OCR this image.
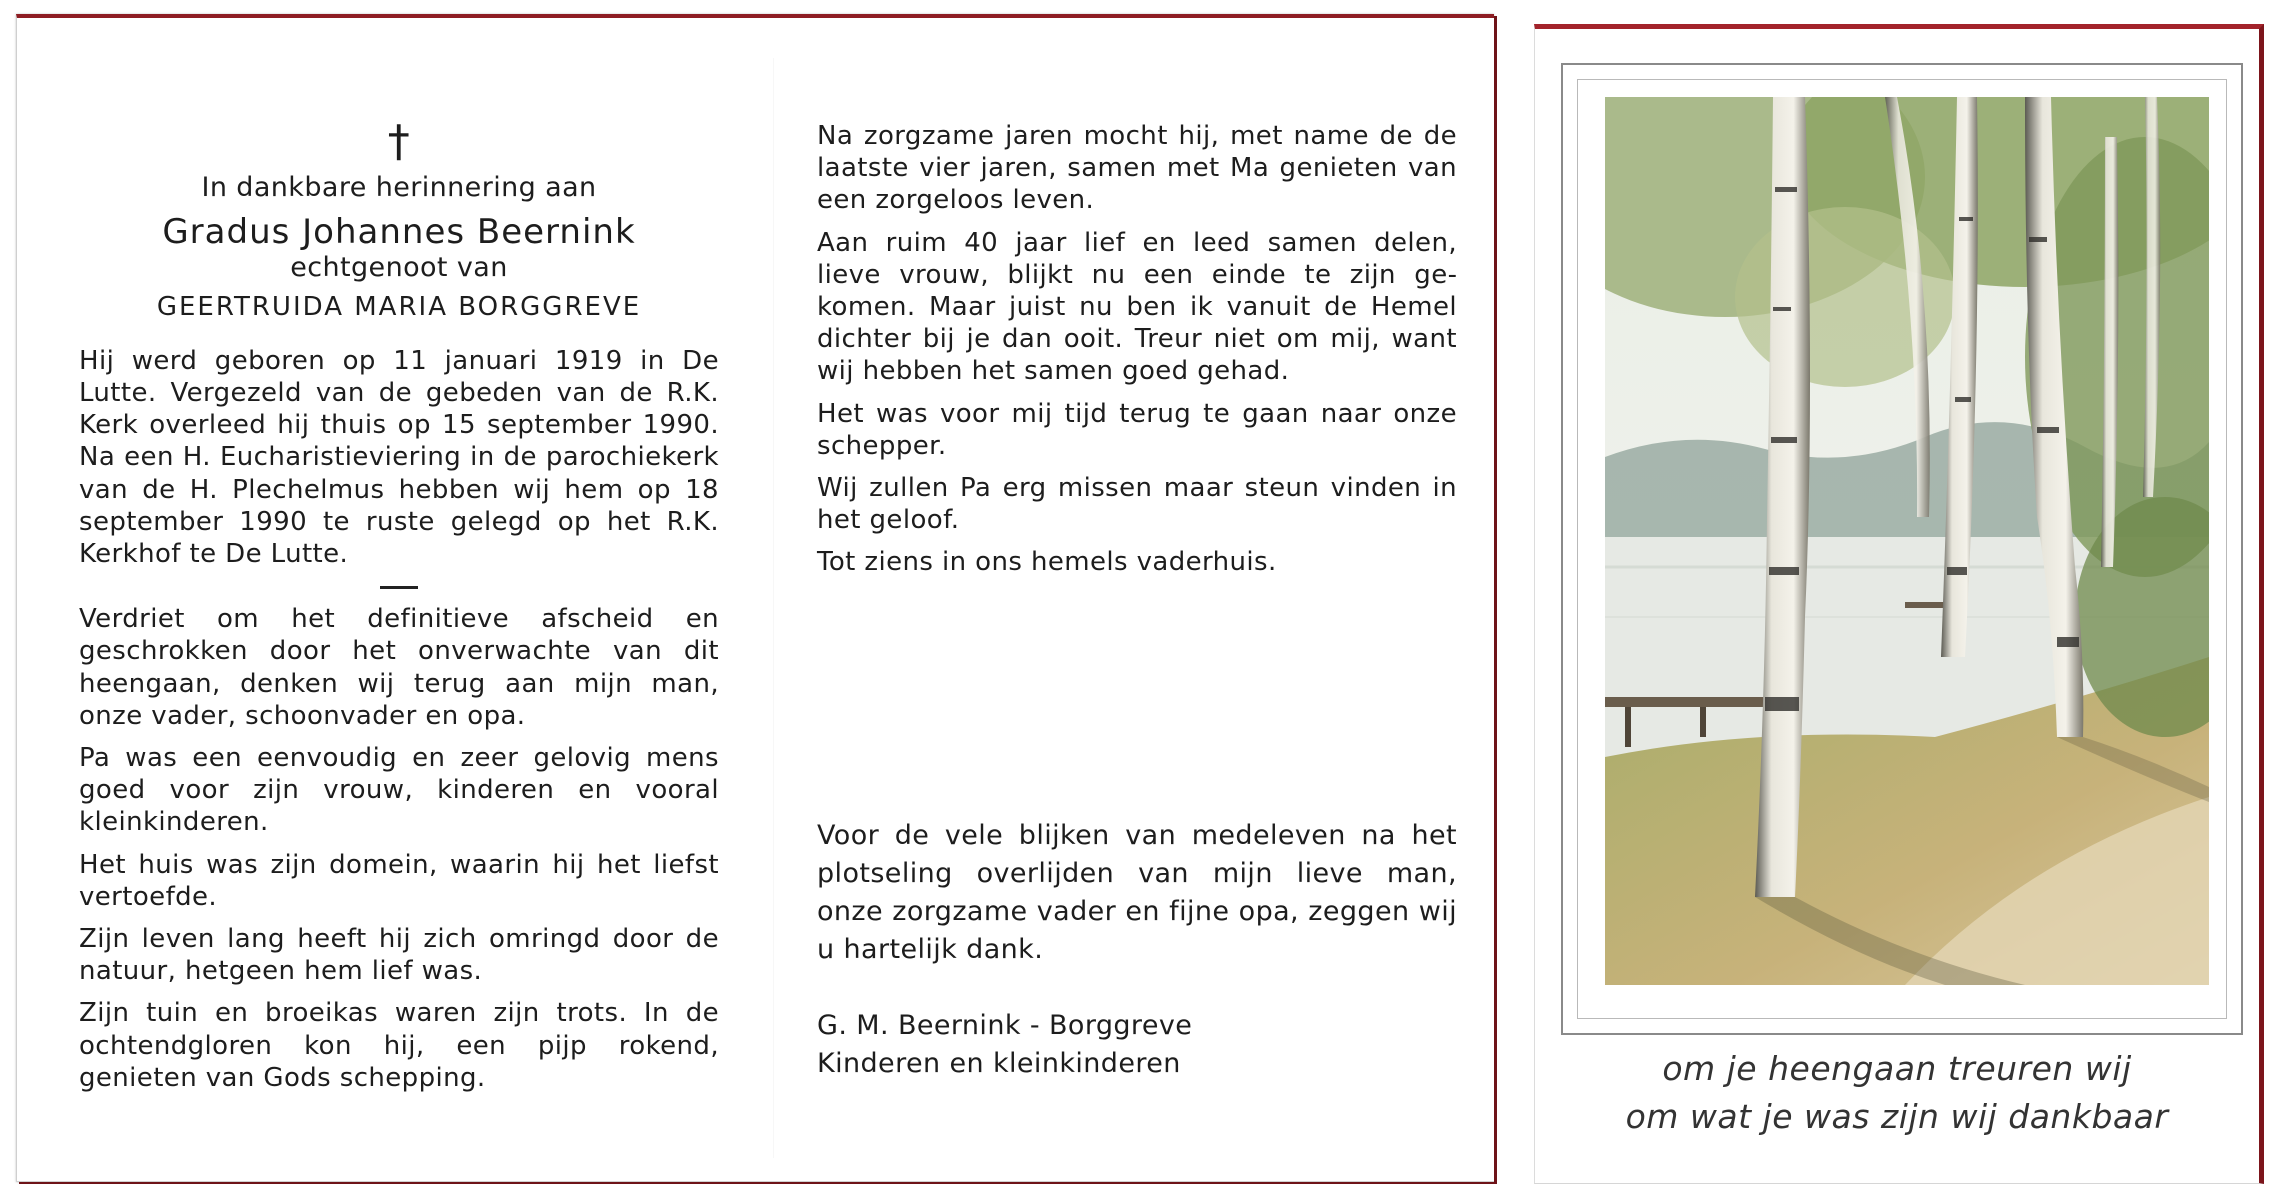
†
In dankbare herinnering aan
Gradus Johannes Beernink
echtgenoot van
GEERTRUIDA MARIA BORGGREVE

Hij werd geboren op 11 januari 1919 in De Lutte. Vergezeld van de gebeden van de R.K. Kerk overleed hij thuis op 15 september 1990. Na een H. Eucharistieviering in de parochiekerk van de H. Plechelmus hebben wij hem op 18 september 1990 te ruste gelegd op het R.K. Kerkhof te De Lutte.

Verdriet om het definitieve afscheid en geschrokken door het onverwachte van dit heengaan, denken wij terug aan mijn man, onze vader, schoonvader en opa.

Pa was een eenvoudig en zeer gelovig mens goed voor zijn vrouw, kinderen en vooral kleinkinderen.

Het huis was zijn domein, waarin hij het liefst vertoefde.

Zijn leven lang heeft hij zich omringd door de natuur, hetgeen hem lief was.

Zijn tuin en broeikas waren zijn trots. In de ochtendgloren kon hij, een pijp rokend, genieten van Gods schepping.

Na zorgzame jaren mocht hij, met name de de laatste vier jaren, samen met Ma genieten van een zorgeloos leven.

Aan ruim 40 jaar lief en leed samen delen, lieve vrouw, blijkt nu een einde te zijn gekomen. Maar juist nu ben ik vanuit de Hemel dichter bij je dan ooit. Treur niet om mij, want wij hebben het samen goed gehad.

Het was voor mij tijd terug te gaan naar onze schepper.

Wij zullen Pa erg missen maar steun vinden in het geloof.

Tot ziens in ons hemels vaderhuis.

Voor de vele blijken van medeleven na het plotseling overlijden van mijn lieve man, onze zorgzame vader en fijne opa, zeggen wij u hartelijk dank.

G. M. Beernink - Borggreve
Kinderen en kleinkinderen	om je heengaan treuren wij
om wat je was zijn wij dankbaar
